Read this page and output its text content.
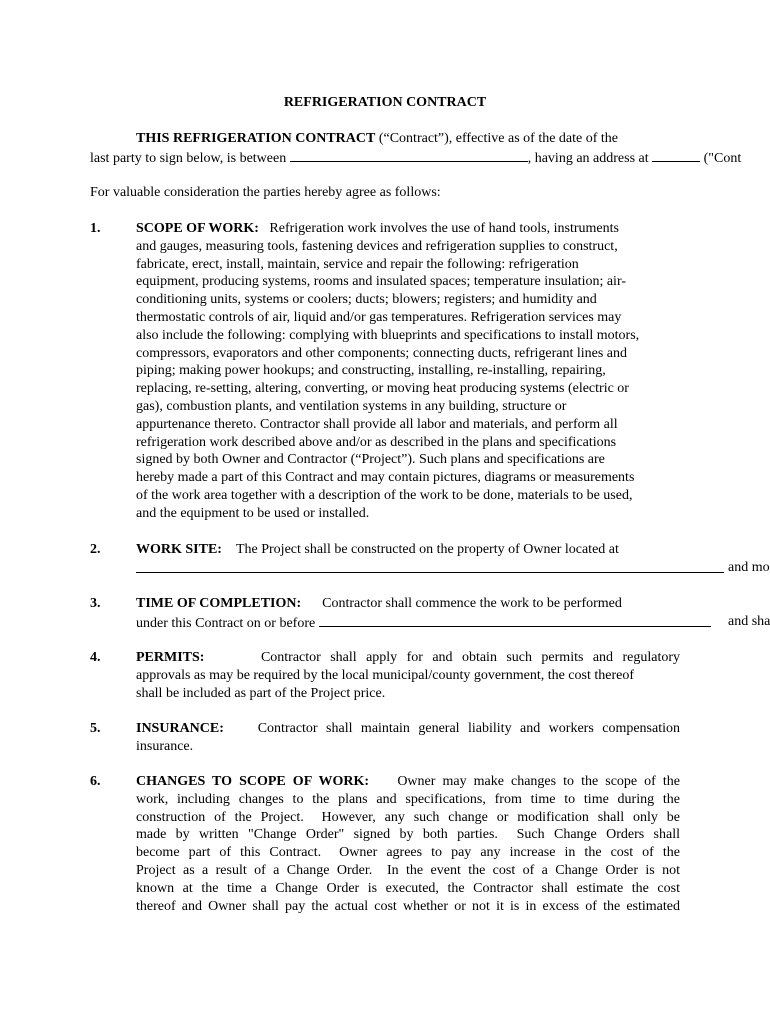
REFRIGERATION CONTRACT
THIS REFRIGERATION CONTRACT (“Contract”), effective as of the date of the
last party to sign below, is between	, having an address at	("Cont
For valuable consideration the parties hereby agree as follows:
1.	SCOPE OF WORK: Refrigeration work involves the use of hand tools, instruments
and gauges, measuring tools, fastening devices and refrigeration supplies to construct,
fabricate, erect, install, maintain, service and repair the following: refrigeration
equipment, producing systems, rooms and insulated spaces; temperature insulation; air-
conditioning units, systems or coolers; ducts; blowers; registers; and humidity and
thermostatic controls of air, liquid and/or gas temperatures. Refrigeration services may
also include the following: complying with blueprints and specifications to install motors,
compressors, evaporators and other components; connecting ducts, refrigerant lines and
piping; making power hookups; and constructing, installing, re-installing, repairing,
replacing, re-setting, altering, converting, or moving heat producing systems (electric or
gas), combustion plants, and ventilation systems in any building, structure or
appurtenance thereto. Contractor shall provide all labor and materials, and perform all
refrigeration work described above and/or as described in the plans and specifications
signed by both Owner and Contractor (“Project”). Such plans and specifications are
hereby made a part of this Contract and may contain pictures, diagrams or measurements
of the work area together with a description of the work to be done, materials to be used,
and the equipment to be used or installed.
2.	WORK SITE: The Project shall be constructed on the property of Owner located at
and mo
3.	TIME OF COMPLETION: Contractor shall commence the work to be performed
under this Contract on or before	and sha
4.	PERMITS:	Contractor shall apply for and obtain such permits and regulatory
approvals as may be required by the local municipal/county government, the cost thereof
shall be included as part of the Project price.
5.	INSURANCE: Contractor shall maintain general liability and workers compensation
insurance.
6.	CHANGES TO SCOPE OF WORK: Owner may make changes to the scope of the
work, including changes to the plans and specifications, from time to time during the
construction of the Project.  However, any such change or modification shall only be
made by written "Change Order" signed by both parties.  Such Change Orders shall
become part of this Contract.  Owner agrees to pay any increase in the cost of the
Project as a result of a Change Order.  In the event the cost of a Change Order is not
known at the time a Change Order is executed, the Contractor shall estimate the cost
thereof and Owner shall pay the actual cost whether or not it is in excess of the estimated
